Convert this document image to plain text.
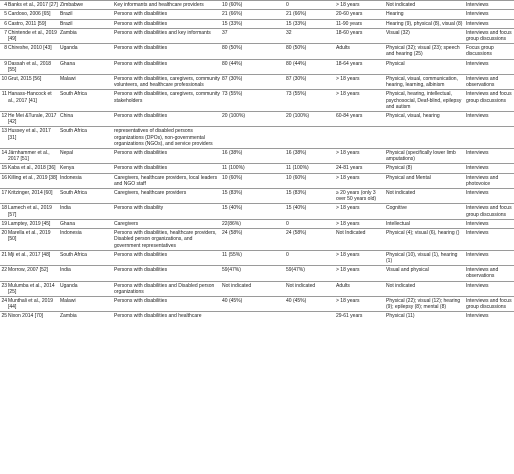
4	Banks et al., 2017 [27]	Zimbabwe	Key informants and healthcare providers	10 (60%)	0	> 18 years	Not indicated	Interviews
5	Cardoso, 2006 [65]	Brazil	Persons with disabilities	21 (66%)	21 (66%)	20-60 years	Hearing	Interviews
6	Castro, 2011 [59]	Brazil	Persons with disabilities	15 (33%)	15 (33%)	11-90 years	Hearing (9), physical (8), visual (8)	Interviews
7	Chintende et al., 2019 [49]	Zambia	Persons with disabilities and key informants	37	32	18-60 years	Visual (32)	Interviews and focus group discussions
8	Chireshe, 2010 [43]	Uganda	Persons with disabilities	80 (50%)	80 (50%)	Adults	Physical (32); visual (23); speech and hearing (25)	Focus group discussions
9	Dassah et al., 2018 [55]	Ghana	Persons with disabilities	80 (44%)	80 (44%)	18-64 years	Physical	Interviews
10	Grut, 2015 [56]	Malawi	Persons with disabilities, caregivers, community volunteers, and healthcare professionals	87 (30%)	87 (30%)	> 18 years	Physical, visual, communication, hearing, learning, albinism	Interviews and observations
11	Hanass-Hancock et al., 2017 [41]	South Africa	Persons with disabilities, caregivers, community stakeholders	73 (55%)	73 (55%)	> 18 years	Physical, hearing, intellectual, psychosocial, Deaf-blind, epilepsy and autism	Interviews and focus group discussions
12	He Mei &Turale, 2017 [42]	China	Persons with disabilities	20 (100%)	20 (100%)	60-84 years	Physical, visual, hearing	Interviews
13	Hussey et al., 2017 [31]	South Africa	representatives of disabled persons organizations (DPOs), non-governmental organizations (NGOs), and service providers					
14	Järnhammer et al., 2017 [51]	Nepal	Persons with disabilities	16 (38%)	16 (38%)	> 18 years	Physical (specifically lower limb amputations)	Interviews
15	Kaba et al., 2018 [36]	Kenya	Persons with disabilities	11 (100%)	11 (100%)	24-81 years	Physical (8)	Interviews
16	Killing et al., 2019 [38]	Indonesia	Caregivers, healthcare providers, local leaders and NGO staff	10 (60%)	10 (60%)	> 18 years	Physical and Mental	Interviews and photovoice
17	Kritzinger, 2014 [60]	South Africa	Caregivers, healthcare providers	15 (83%)	15 (83%)	≥ 20 years (only 3 over 50 years old)	Not indicated	Interviews
18	Lamech et al., 2019 [57]	India	Persons with disability	15 (40%)	15 (40%)	> 18 years	Cognitive	Interviews and focus group discussions
19	Lamptey, 2019 [45]	Ghana	Caregivers	22(86%)	0	> 18 years	Intellectual	Interviews
20	Marella et al., 2019 [50]	Indonesia	Persons with disabilities, healthcare providers, Disabled person organizations, and government representatives	24 (58%)	24 (58%)	Not Indicated	Physical (4); visual (6), hearing ()	Interviews
21	Mji et al., 2017 [48]	South Africa	Persons with disabilities	11 (55%)	0	> 18 years	Physical (10), visual (1), hearing (1)	Interviews
22	Morrow, 2007 [52]	India	Persons with disabilities	59(47%)	59(47%)	> 18 years	Visual and physical	Interviews and observations
23	Mulumba et al., 2014 [25]	Uganda	Persons with disabilities and Disabled person organizations	Not indicated	Not indicated	Adults	Not indicated	Interviews
24	Munthali et al., 2019 [44]	Malawi	Persons with disabilities	40 (45%)	40 (45%)	> 18 years	Physical (22); visual (12); hearing (9); epilepsy (8); mental (8)	Interviews and focus group discussions
25	Nixon 2014 [70]	Zambia	Persons with disabilities and healthcare			29-61 years	Physical (11)	Interviews
